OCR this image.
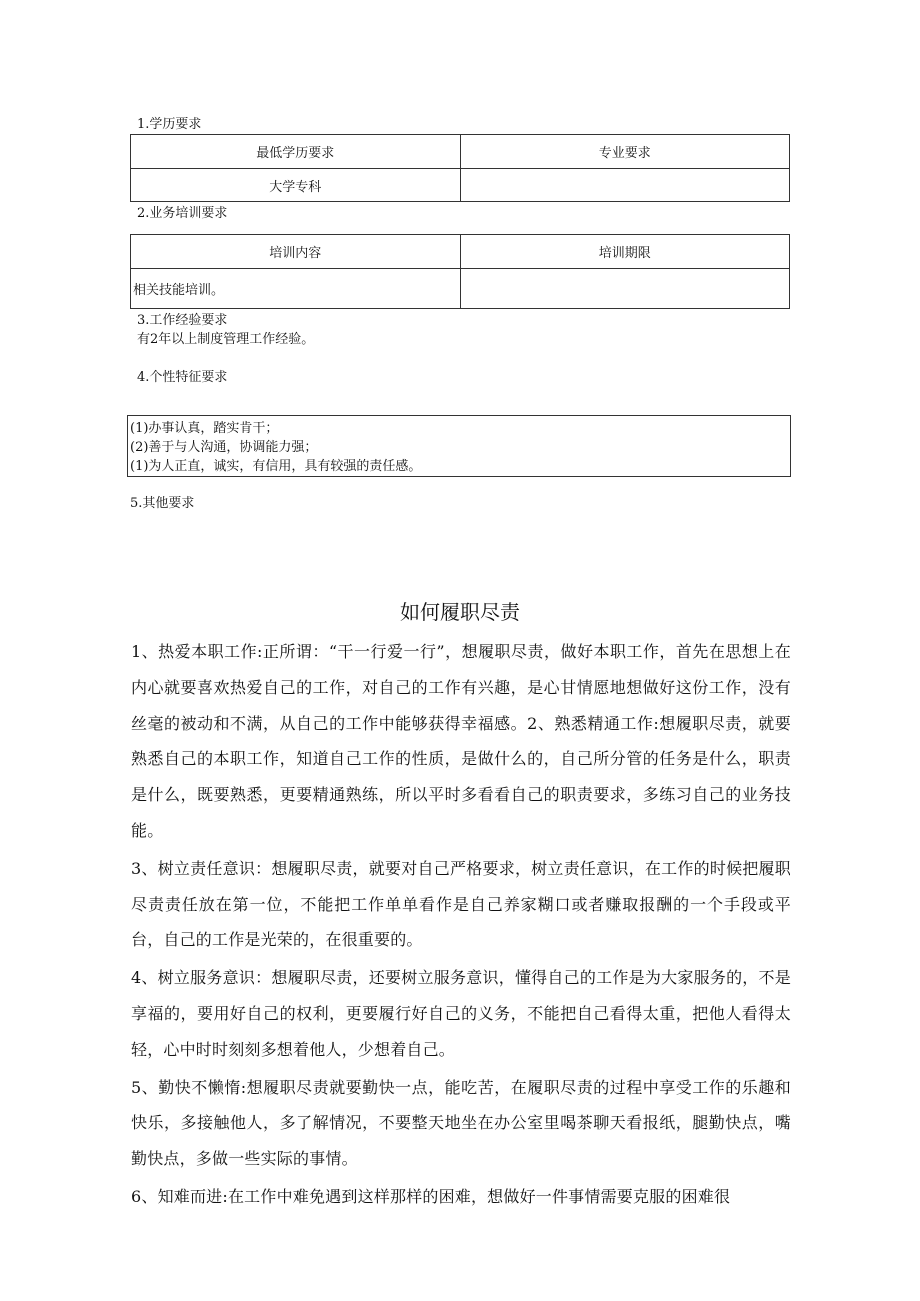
1.学历要求
最低学历要求	专业要求
大学专科	
2.业务培训要求
培训内容	培训期限
相关技能培训。	
3.工作经验要求
有2年以上制度管理工作经验。
4.个性特征要求
(1)办事认真，踏实肯干；
(2)善于与人沟通，协调能力强；
(1)为人正直，诚实，有信用，具有较强的责任感。
5.其他要求
如何履职尽责

1、热爱本职工作:正所谓：“干一行爱一行”，想履职尽责，做好本职工作，首先在思想上在内心就要喜欢热爱自己的工作，对自己的工作有兴趣，是心甘情愿地想做好这份工作，没有丝毫的被动和不满，从自己的工作中能够获得幸福感。2、熟悉精通工作:想履职尽责，就要熟悉自己的本职工作，知道自己工作的性质，是做什么的，自己所分管的任务是什么，职责是什么，既要熟悉，更要精通熟练，所以平时多看看自己的职责要求，多练习自己的业务技能。

3、树立责任意识：想履职尽责，就要对自己严格要求，树立责任意识，在工作的时候把履职尽责责任放在第一位，不能把工作单单看作是自己养家糊口或者赚取报酬的一个手段或平台，自己的工作是光荣的，在很重要的。

4、树立服务意识：想履职尽责，还要树立服务意识，懂得自己的工作是为大家服务的，不是享福的，要用好自己的权利，更要履行好自己的义务，不能把自己看得太重，把他人看得太轻，心中时时刻刻多想着他人，少想着自己。

5、勤快不懒惰:想履职尽责就要勤快一点，能吃苦，在履职尽责的过程中享受工作的乐趣和快乐，多接触他人，多了解情况，不要整天地坐在办公室里喝茶聊天看报纸，腿勤快点，嘴勤快点，多做一些实际的事情。

6、知难而进:在工作中难免遇到这样那样的困难，想做好一件事情需要克服的困难很
